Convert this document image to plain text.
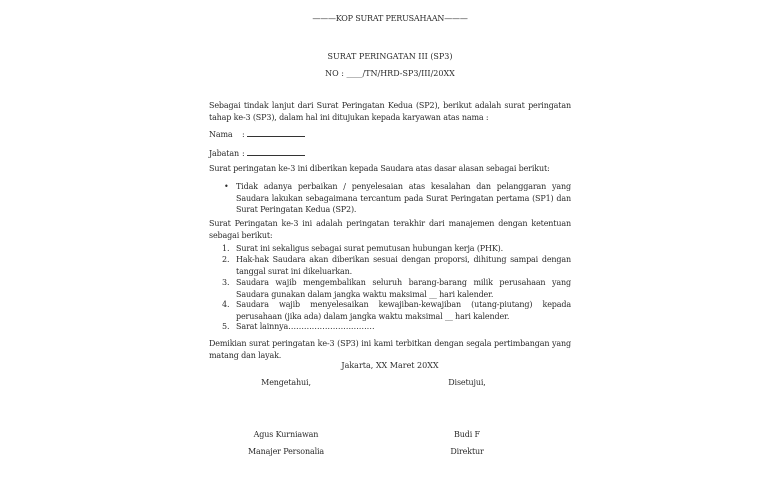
———KOP SURAT PERUSAHAAN———
SURAT PERINGATAN III (SP3)
NO : ____/TN/HRD-SP3/III/20XX
Sebagai tindak lanjut dari Surat Peringatan Kedua (SP2), berikut adalah surat peringatan tahap ke-3 (SP3), dalam hal ini ditujukan kepada karyawan atas nama :
Nama :
Jabatan :
Surat peringatan ke-3 ini diberikan kepada Saudara atas dasar alasan sebagai berikut:
• Tidak adanya perbaikan / penyelesaian atas kesalahan dan pelanggaran yang Saudara lakukan sebagaimana tercantum pada Surat Peringatan pertama (SP1) dan Surat Peringatan Kedua (SP2).
Surat Peringatan ke-3 ini adalah peringatan terakhir dari manajemen dengan ketentuan sebagai berikut:
1. Surat ini sekaligus sebagai surat pemutusan hubungan kerja (PHK).
2. Hak-hak Saudara akan diberikan sesuai dengan proporsi, dihitung sampai dengan tanggal surat ini dikeluarkan.
3. Saudara wajib mengembalikan seluruh barang-barang milik perusahaan yang Saudara gunakan dalam jangka waktu maksimal __ hari kalender.
4. Saudara wajib menyelesaikan kewajiban-kewajiban (utang-piutang) kepada perusahaan (jika ada) dalam jangka waktu maksimal __ hari kalender.
5. Sarat lainnya……………………………
Demikian surat peringatan ke-3 (SP3) ini kami terbitkan dengan segala pertimbangan yang matang dan layak.
Jakarta, XX Maret 20XX
Mengetahui,	Disetujui,
Agus Kurniawan	Budi F
Manajer Personalia	Direktur
